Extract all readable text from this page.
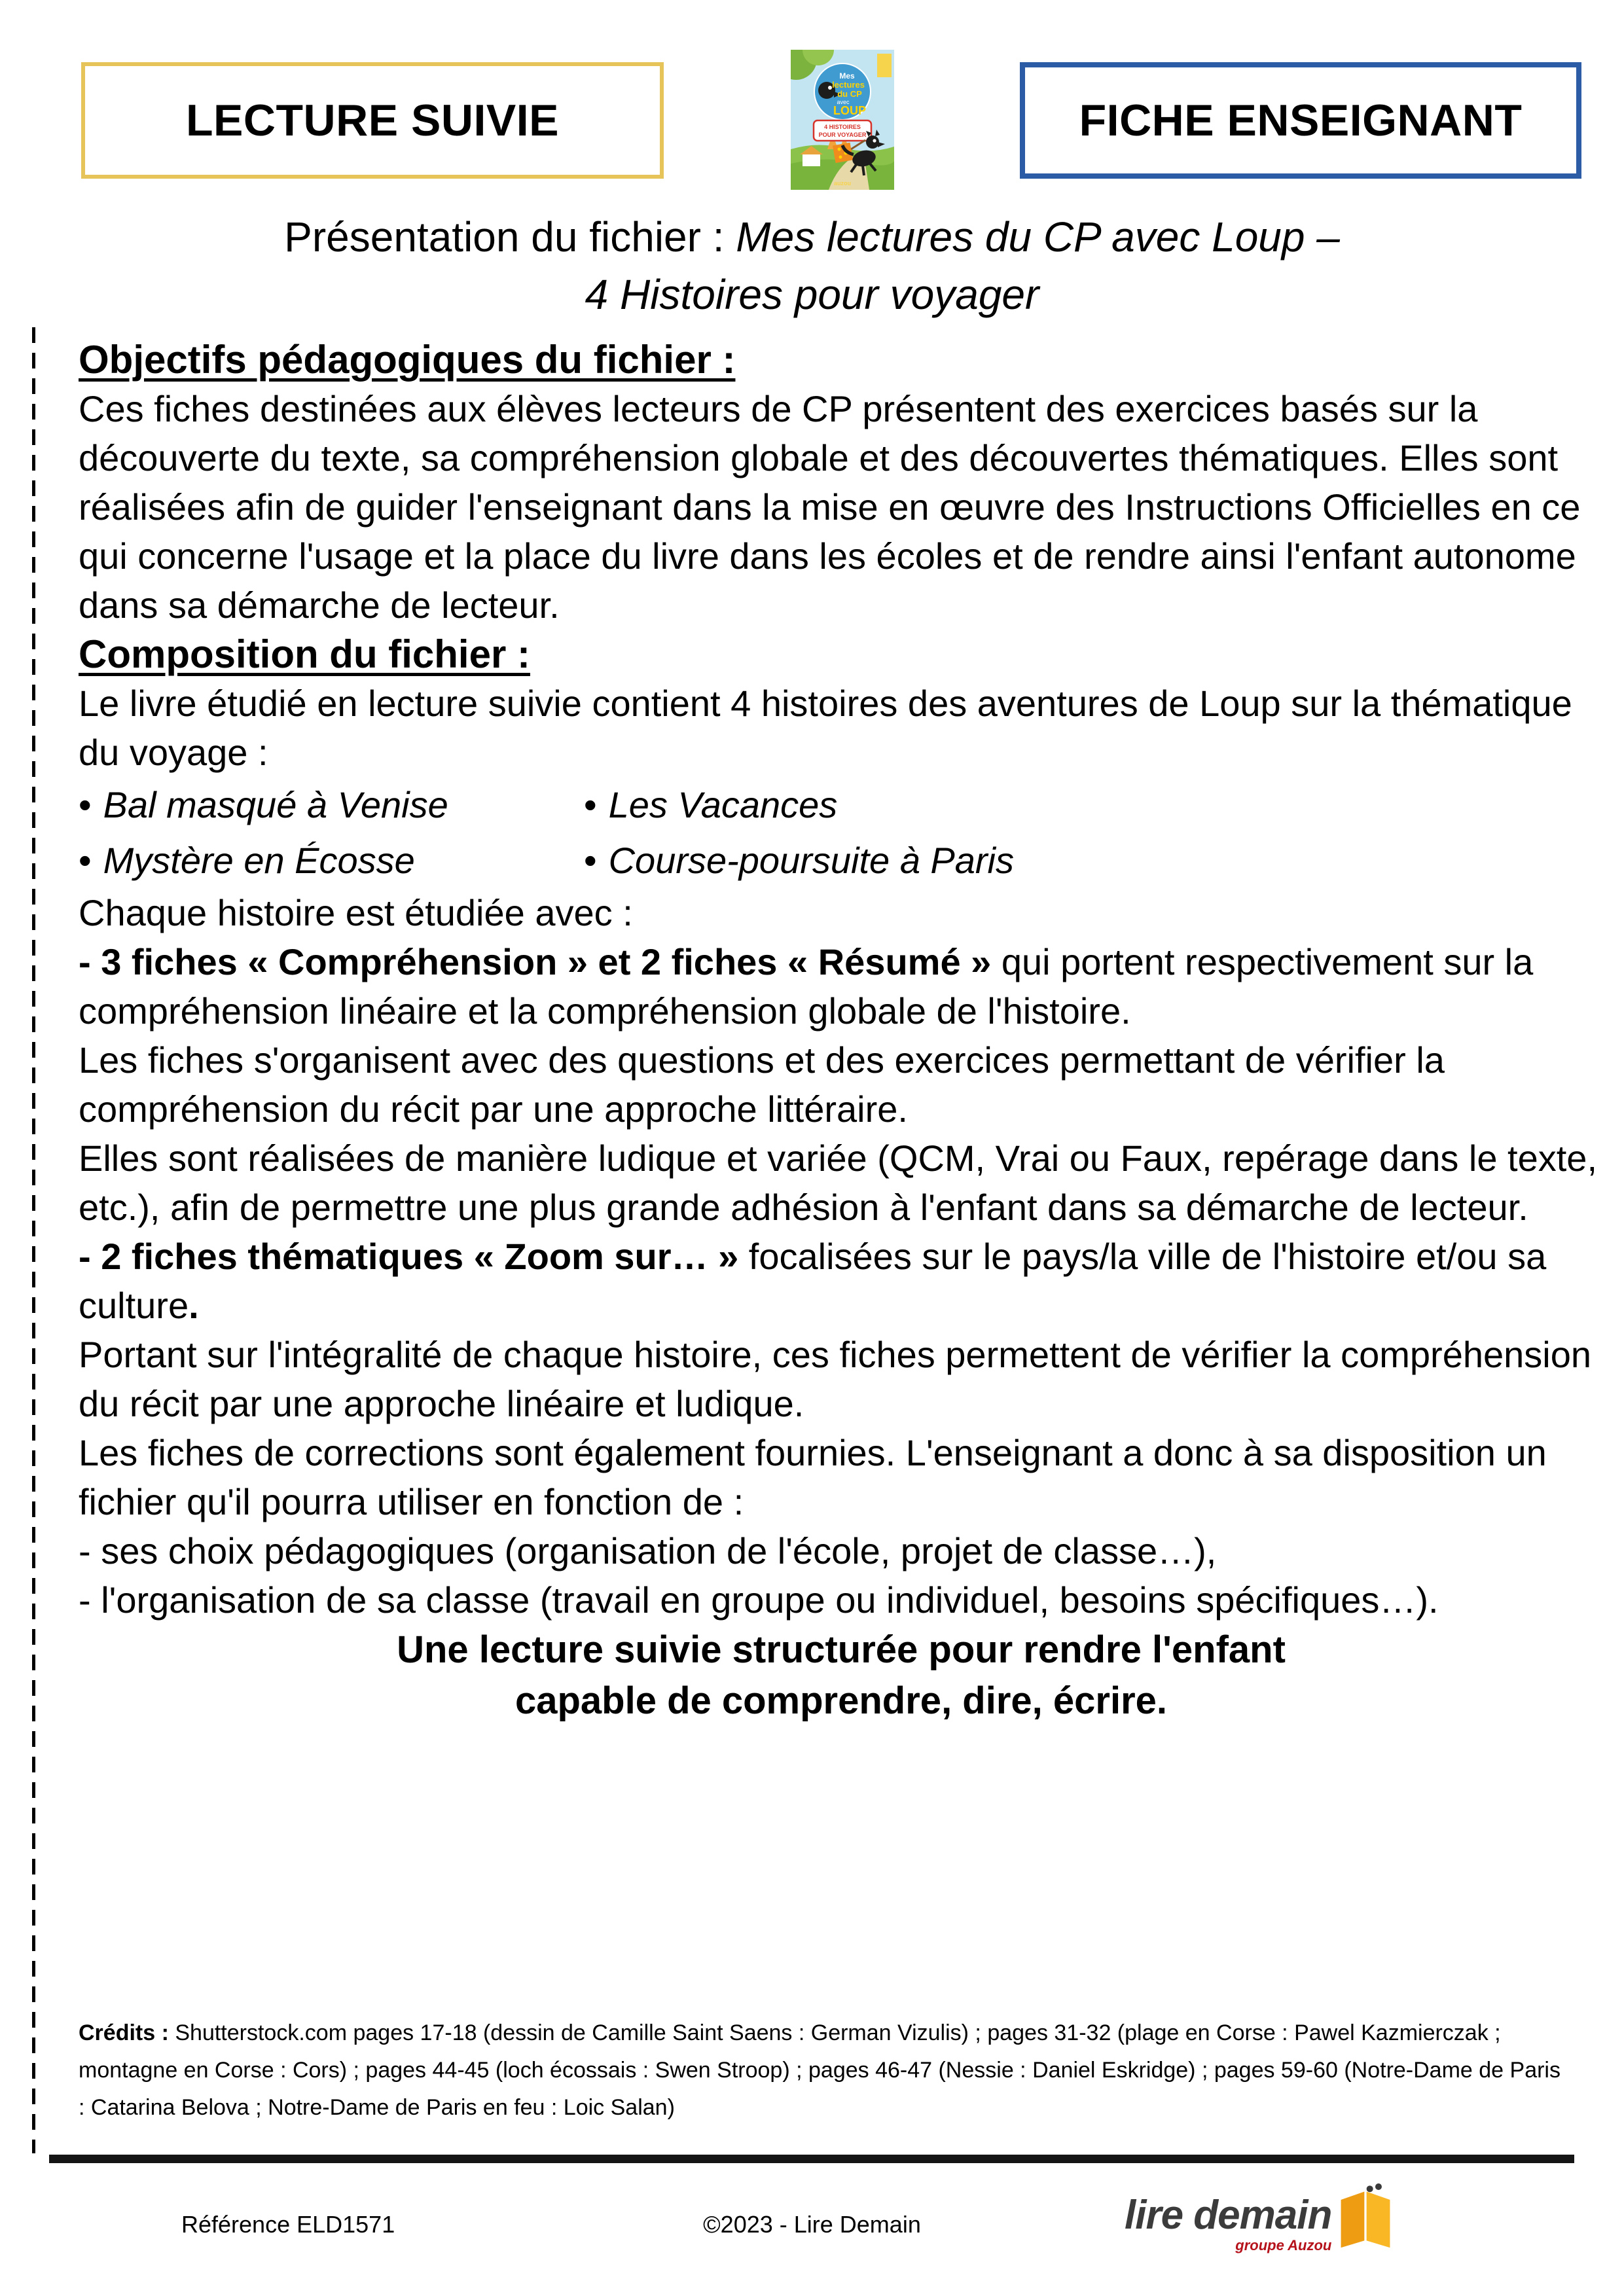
LECTURE SUIVIE
Mes
lectures
du CP
avec
LOUP
4 HISTOIRES
POUR VOYAGER
auzou
FICHE ENSEIGNANT
Présentation du fichier : Mes lectures du CP avec Loup –
4 Histoires pour voyager
Objectifs pédagogiques du fichier :

Ces fiches destinées aux élèves lecteurs de CP présentent des exercices basés sur la découverte du texte, sa compréhension globale et des découvertes thématiques. Elles sont réalisées afin de guider l'enseignant dans la mise en œuvre des Instructions Officielles en ce qui concerne l'usage et la place du livre dans les écoles et de rendre ainsi l'enfant autonome dans sa démarche de lecteur.

Composition du fichier :

Le livre étudié en lecture suivie contient 4 histoires des aventures de Loup sur la thématique du voyage :

• Bal masqué à Venise	• Les Vacances
• Mystère en Écosse	• Course-poursuite à Paris

Chaque histoire est étudiée avec :

- 3 fiches « Compréhension » et 2 fiches « Résumé » qui portent respectivement sur la compréhension linéaire et la compréhension globale de l'histoire.

Les fiches s'organisent avec des questions et des exercices permettant de vérifier la compréhension du récit par une approche littéraire.

Elles sont réalisées de manière ludique et variée (QCM, Vrai ou Faux, repérage dans le texte, etc.), afin de permettre une plus grande adhésion à l'enfant dans sa démarche de lecteur.

- 2 fiches thématiques « Zoom sur… » focalisées sur le pays/la ville de l'histoire et/ou sa culture.

Portant sur l'intégralité de chaque histoire, ces fiches permettent de vérifier la compréhension du récit par une approche linéaire et ludique.

Les fiches de corrections sont également fournies. L'enseignant a donc à sa disposition un fichier qu'il pourra utiliser en fonction de :

- ses choix pédagogiques (organisation de l'école, projet de classe…),

- l'organisation de sa classe (travail en groupe ou individuel, besoins spécifiques…).

Une lecture suivie structurée pour rendre l'enfant
capable de comprendre, dire, écrire.

Crédits : Shutterstock.com pages 17-18 (dessin de Camille Saint Saens : German Vizulis) ; pages 31-32 (plage en Corse : Pawel Kazmierczak ; montagne en Corse : Cors) ; pages 44-45 (loch écossais : Swen Stroop) ; pages 46-47 (Nessie : Daniel Eskridge) ; pages 59-60 (Notre-Dame de Paris : Catarina Belova ; Notre-Dame de Paris en feu : Loic Salan)
Référence ELD1571	©2023 - Lire Demain	lire demain
groupe Auzou
